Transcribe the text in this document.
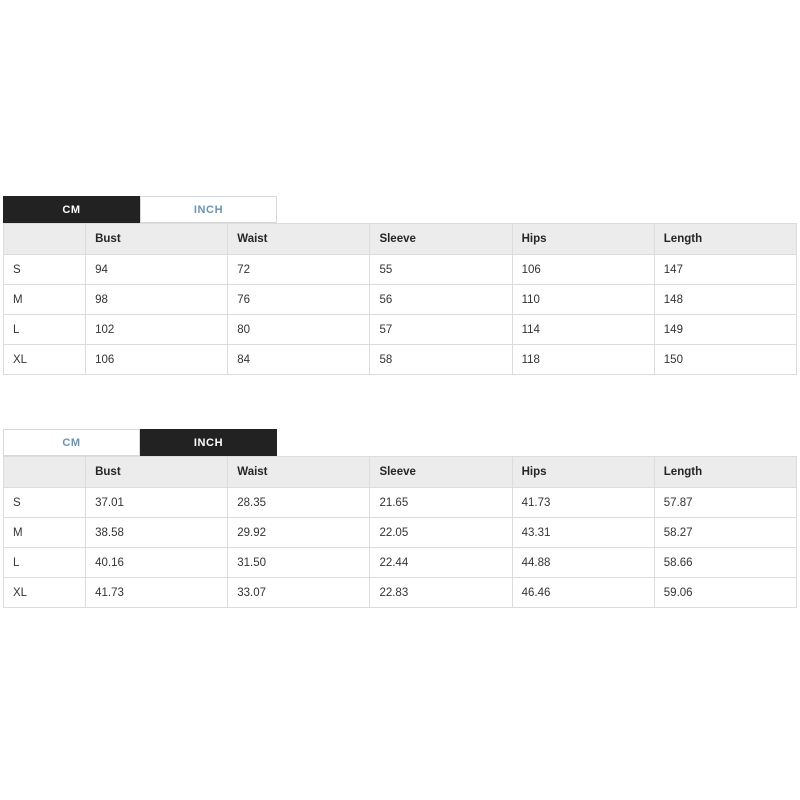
CM	INCH
	Bust	Waist	Sleeve	Hips	Length
S	94	72	55	106	147
M	98	76	56	110	148
L	102	80	57	114	149
XL	106	84	58	118	150
CM	INCH
	Bust	Waist	Sleeve	Hips	Length
S	37.01	28.35	21.65	41.73	57.87
M	38.58	29.92	22.05	43.31	58.27
L	40.16	31.50	22.44	44.88	58.66
XL	41.73	33.07	22.83	46.46	59.06
